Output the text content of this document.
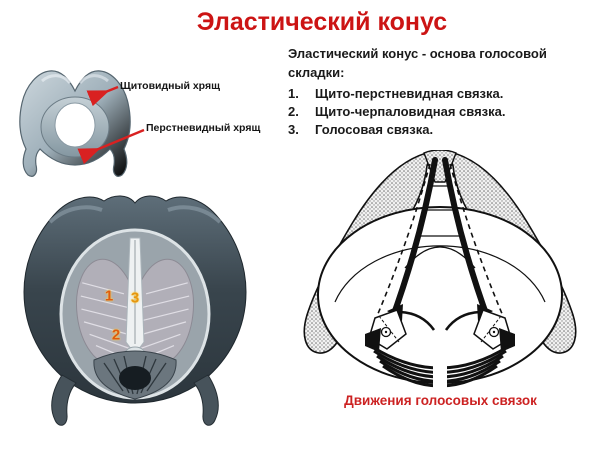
Эластический конус
Щитовидный хрящ
Перстневидный хрящ
Эластический конус - основа голосовой складки:
1.	Щито-перстневидная связка.
2.	Щито-черпаловидная связка.
3.	Голосовая связка.
1 3
2
Движения голосовых связок
